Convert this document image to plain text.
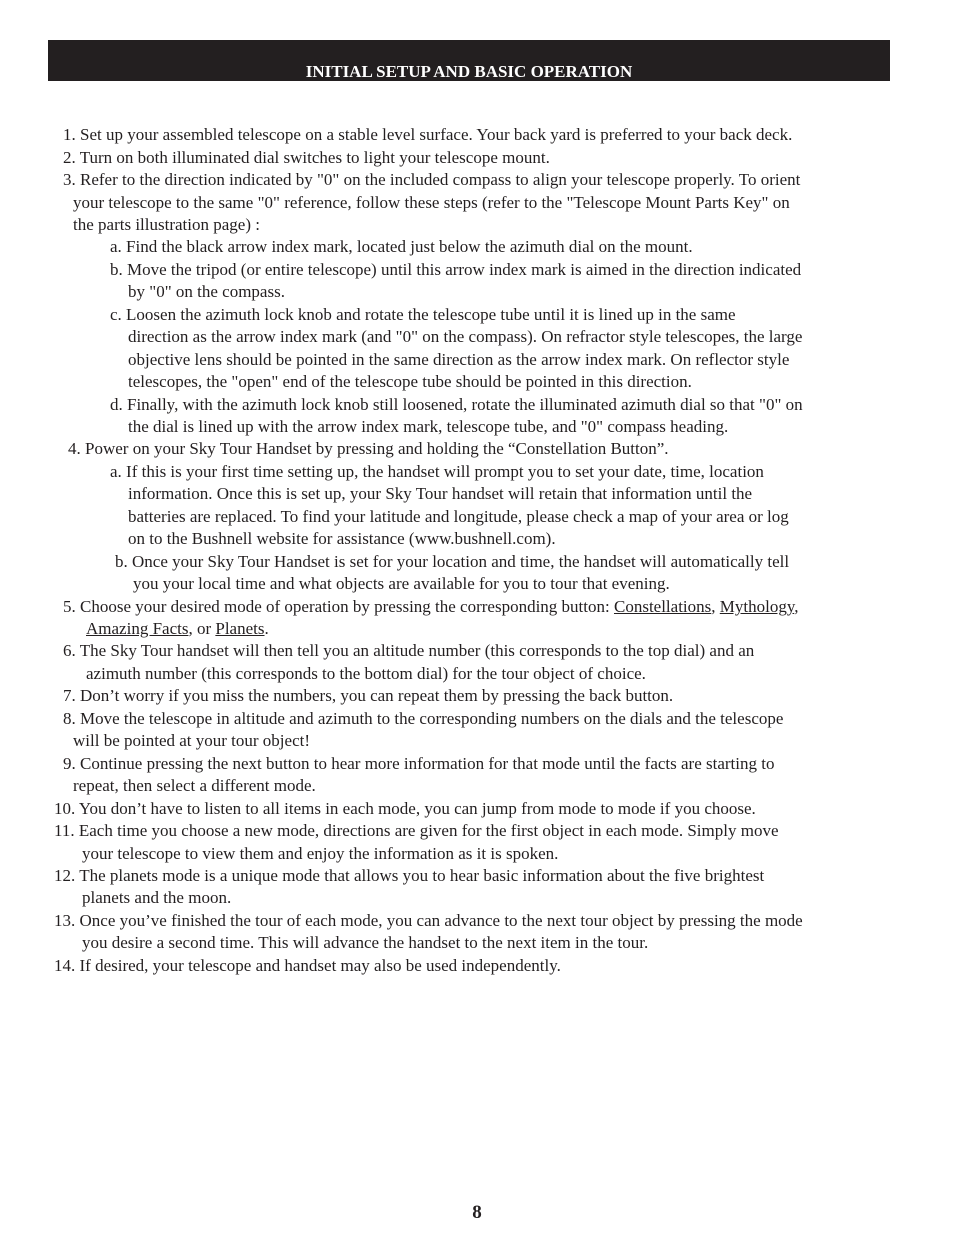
INITIAL SETUP AND BASIC OPERATION
1. Set up your assembled telescope on a stable level surface. Your back yard is preferred to your back deck.
2. Turn on both illuminated dial switches to light your telescope mount.
3. Refer to the direction indicated by "0" on the included compass to align your telescope properly. To orient
your telescope to the same "0" reference, follow these steps (refer to the "Telescope Mount Parts Key" on
the parts illustration page) :
a. Find the black arrow index mark, located just below the azimuth dial on the mount.
b. Move the tripod (or entire telescope) until this arrow index mark is aimed in the direction indicated
by "0" on the compass.
c. Loosen the azimuth lock knob and rotate the telescope tube until it is lined up in the same
direction as the arrow index mark (and "0" on the compass). On refractor style telescopes, the large
objective lens should be pointed in the same direction as the arrow index mark. On reflector style
telescopes, the "open" end of the telescope tube should be pointed in this direction.
d. Finally, with the azimuth lock knob still loosened, rotate the illuminated azimuth dial so that "0" on
the dial is lined up with the arrow index mark, telescope tube, and "0" compass heading.
4. Power on your Sky Tour Handset by pressing and holding the “Constellation Button”.
a. If this is your first time setting up, the handset will prompt you to set your date, time, location
information. Once this is set up, your Sky Tour handset will retain that information until the
batteries are replaced. To find your latitude and longitude, please check a map of your area or log
on to the Bushnell website for assistance (www.bushnell.com).
b. Once your Sky Tour Handset is set for your location and time, the handset will automatically tell
you your local time and what objects are available for you to tour that evening.
5. Choose your desired mode of operation by pressing the corresponding button: Constellations, Mythology,
Amazing Facts, or Planets.
6. The Sky Tour handset will then tell you an altitude number (this corresponds to the top dial) and an
azimuth number (this corresponds to the bottom dial) for the tour object of choice.
7. Don’t worry if you miss the numbers, you can repeat them by pressing the back button.
8. Move the telescope in altitude and azimuth to the corresponding numbers on the dials and the telescope
will be pointed at your tour object!
9. Continue pressing the next button to hear more information for that mode until the facts are starting to
repeat, then select a different mode.
10. You don’t have to listen to all items in each mode, you can jump from mode to mode if you choose.
11. Each time you choose a new mode, directions are given for the first object in each mode. Simply move
your telescope to view them and enjoy the information as it is spoken.
12. The planets mode is a unique mode that allows you to hear basic information about the five brightest
planets and the moon.
13. Once you’ve finished the tour of each mode, you can advance to the next tour object by pressing the mode
you desire a second time. This will advance the handset to the next item in the tour.
14. If desired, your telescope and handset may also be used independently.
8
